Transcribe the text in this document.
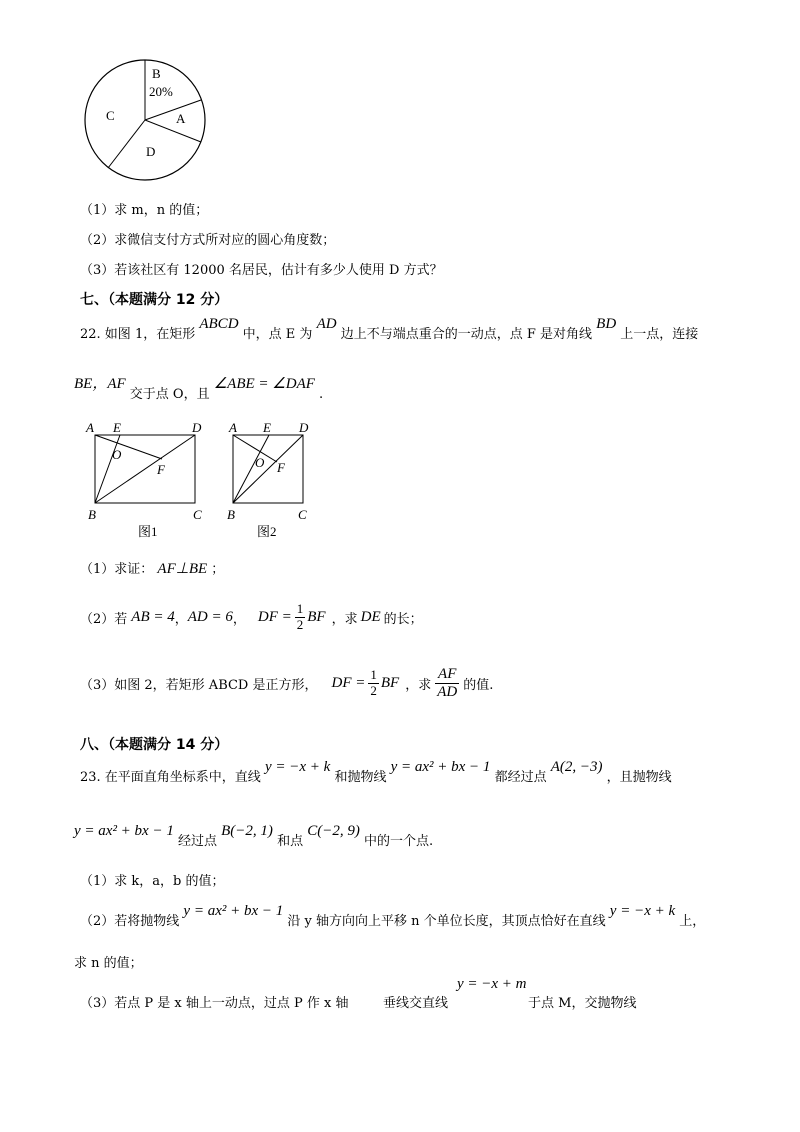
B
20%
A
C
D
（1）求 m，n 的值；
（2）求微信支付方式所对应的圆心角度数；
（3）若该社区有 12000 名居民，估计有多少人使用 D 方式？
七、（本题满分 12 分）
22. 如图 1，在矩形 ABCD 中，点 E 为 AD 边上不与端点重合的一动点，点 F 是对角线 BD 上一点，连接
BE，AF 交于点 O，且 ∠ABE = ∠DAF .
A E	D
O
F
B	C
图1
A E D
O F
B	C
图2
（1）求证： AF⊥BE ；
（2）若 AB = 4 ， AD = 6 ， DF = $\frac{1}{2}$ BF ，求 DE 的长；
（3）如图 2，若矩形 ABCD 是正方形， DF = $\frac{1}{2}$ BF ，求 $\frac{AF}{AD}$ 的值.
八、（本题满分 14 分）
23. 在平面直角坐标系中，直线 y = −x + k 和抛物线 y = ax² + bx − 1 都经过点 A(2, −3) ，且抛物线
y = ax² + bx − 1 经过点 B(−2, 1) 和点 C(−2, 9) 中的一个点.
（1）求 k，a，b 的值；
（2）若将抛物线 y = ax² + bx − 1 沿 y 轴方向向上平移 n 个单位长度，其顶点恰好在直线 y = −x + k 上，
求 n 的值；
（3）若点 P 是 x 轴上一动点，过点 P 作 x 轴	垂线交直线
y = −x + m
于点 M，交抛物线
